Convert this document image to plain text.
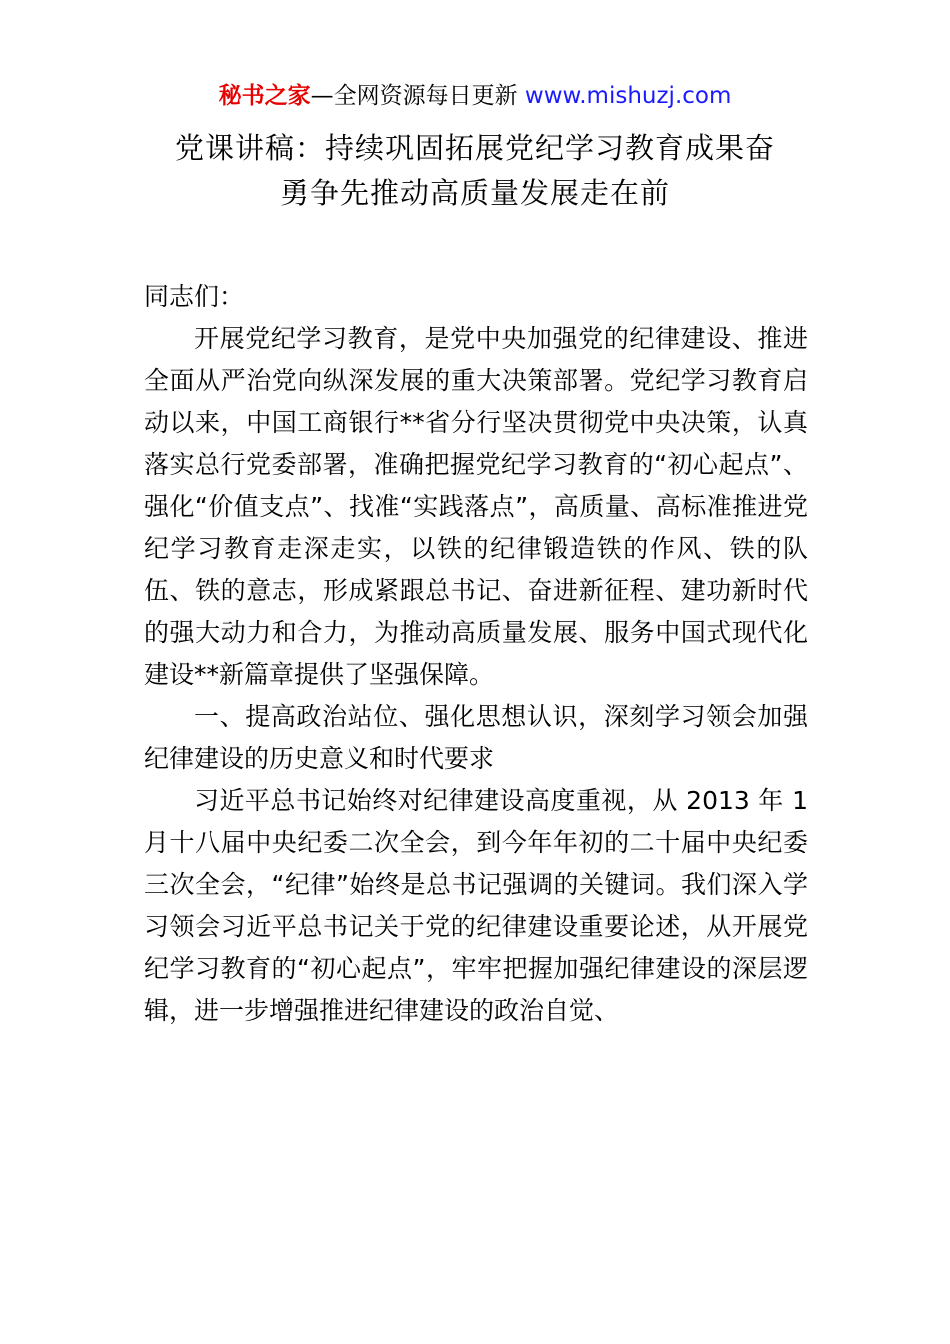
秘书之家—全网资源每日更新 www.mishuzj.com
党课讲稿：持续巩固拓展党纪学习教育成果奋
勇争先推动高质量发展走在前

同志们：

开展党纪学习教育，是党中央加强党的纪律建设、推进全面从严治党向纵深发展的重大决策部署。党纪学习教育启动以来，中国工商银行**省分行坚决贯彻党中央决策，认真落实总行党委部署，准确把握党纪学习教育的“初心起点”、强化“价值支点”、找准“实践落点”，高质量、高标准推进党纪学习教育走深走实，以铁的纪律锻造铁的作风、铁的队伍、铁的意志，形成紧跟总书记、奋进新征程、建功新时代的强大动力和合力，为推动高质量发展、服务中国式现代化建设**新篇章提供了坚强保障。

一、提高政治站位、强化思想认识，深刻学习领会加强纪律建设的历史意义和时代要求

习近平总书记始终对纪律建设高度重视，从 2013 年 1 月十八届中央纪委二次全会，到今年年初的二十届中央纪委三次全会，“纪律”始终是总书记强调的关键词。我们深入学习领会习近平总书记关于党的纪律建设重要论述，从开展党纪学习教育的“初心起点”，牢牢把握加强纪律建设的深层逻辑，进一步增强推进纪律建设的政治自觉、
